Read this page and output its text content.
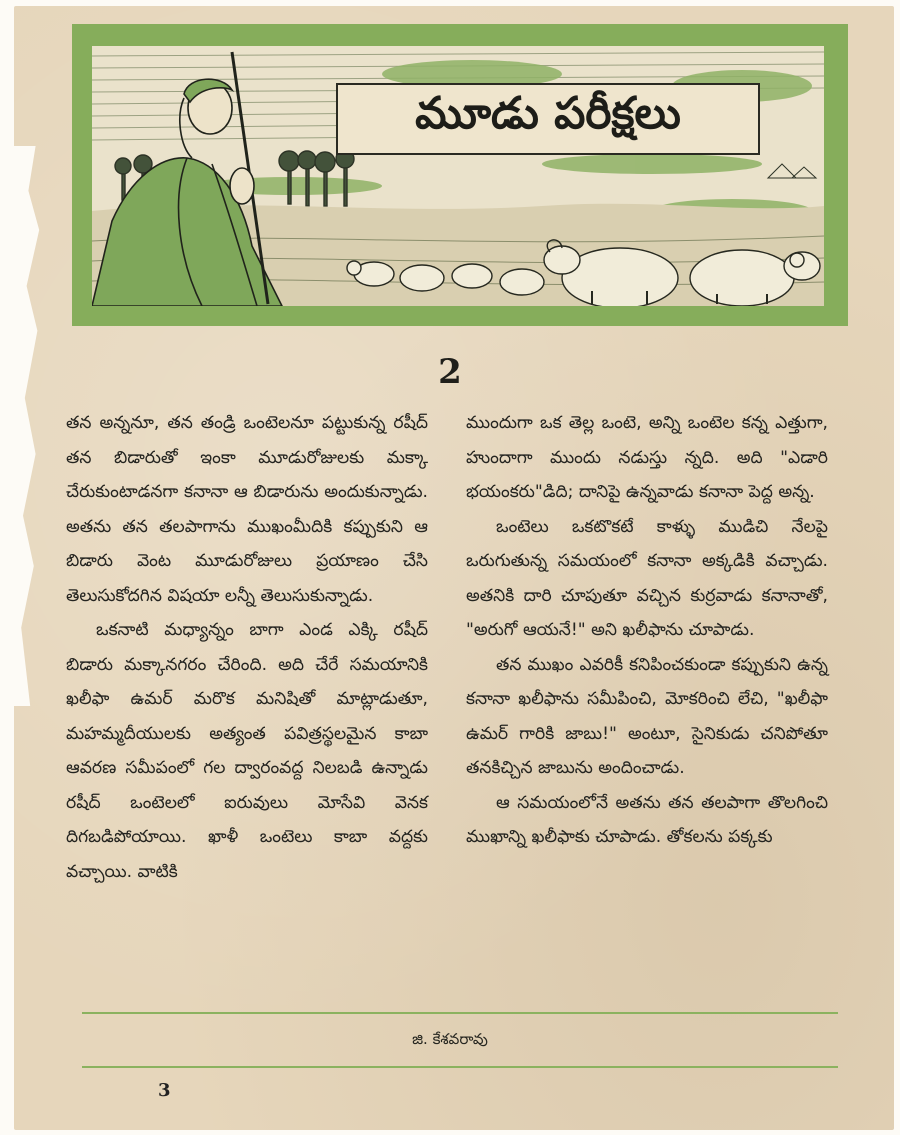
మూడు పరీక్షలు
2

తన అన్ననూ, తన తండ్రి ఒంటెలనూ పట్టుకున్న రషీద్ తన బిడారుతో ఇంకా మూడురోజులకు మక్కా చేరుకుంటాడనగా కనానా ఆ బిడారును అందుకున్నాడు. అతను తన తలపాగాను ముఖంమీదికి కప్పుకుని ఆ బిడారు వెంట మూడురోజులు ప్రయాణం చేసి తెలుసుకోదగిన విషయా లన్నీ తెలుసుకున్నాడు.

ఒకనాటి మధ్యాన్నం బాగా ఎండ ఎక్కి రషీద్ బిడారు మక్కానగరం చేరింది. అది చేరే సమయానికి ఖలీఫా ఉమర్ మరొక మనిషితో మాట్లాడుతూ, మహమ్మదీయులకు అత్యంత పవిత్రస్థలమైన కాబా ఆవరణ సమీపంలో గల ద్వారంవద్ద నిలబడి ఉన్నాడు రషీద్ ఒంటెలలో ఐరువులు మోసేవి వెనక దిగబడిపోయాయి. ఖాళీ ఒంటెలు కాబా వద్దకు వచ్చాయి. వాటికి

ముందుగా ఒక తెల్ల ఒంటె, అన్ని ఒంటెల కన్న ఎత్తుగా, హుందాగా ముందు నడుస్తు న్నది. అది "ఎడారి భయంకరు"డిది; దానిపై ఉన్నవాడు కనానా పెద్ద అన్న.

ఒంటెలు ఒకటొకటే కాళ్ళు ముడిచి నేలపై ఒరుగుతున్న సమయంలో కనానా అక్కడికి వచ్చాడు. అతనికి దారి చూపుతూ వచ్చిన కుర్రవాడు కనానాతో, "అరుగో ఆయనే!" అని ఖలీఫాను చూపాడు.

తన ముఖం ఎవరికీ కనిపించకుండా కప్పుకుని ఉన్న కనానా ఖలీఫాను సమీపించి, మోకరించి లేచి, "ఖలీఫా ఉమర్ గారికి జాబు!" అంటూ, సైనికుడు చనిపోతూ తనకిచ్చిన జాబును అందించాడు.

ఆ సమయంలోనే అతను తన తలపాగా తొలగించి ముఖాన్ని ఖలీఫాకు చూపాడు. తోకలను పక్కకు

జి. కేశవరావు
3
